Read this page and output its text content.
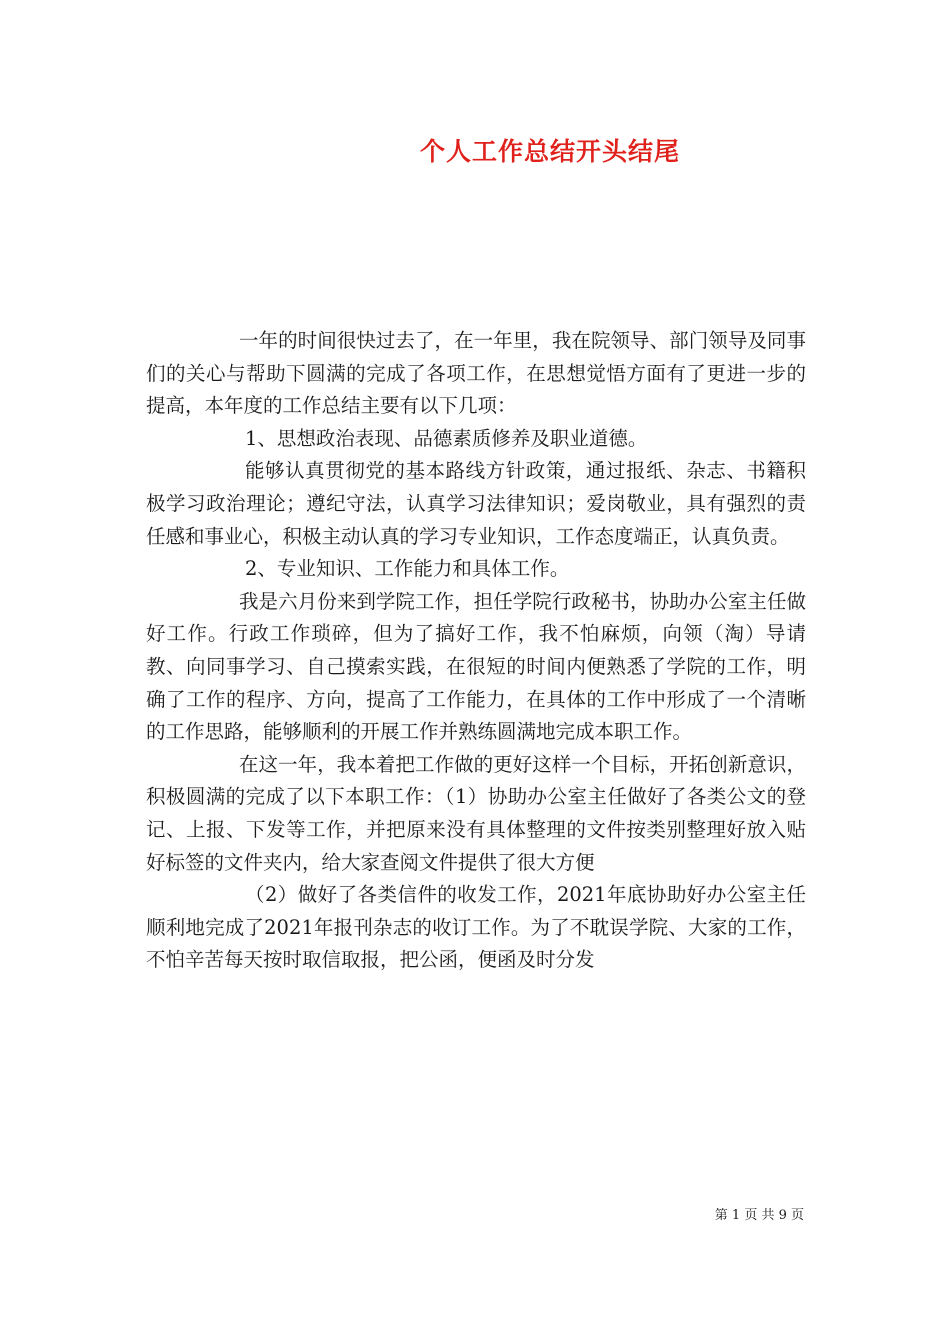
个人工作总结开头结尾

一年的时间很快过去了，在一年里，我在院领导、部门领导及同事们的关心与帮助下圆满的完成了各项工作，在思想觉悟方面有了更进一步的提高，本年度的工作总结主要有以下几项：

1、思想政治表现、品德素质修养及职业道德。

能够认真贯彻党的基本路线方针政策，通过报纸、杂志、书籍积极学习政治理论；遵纪守法，认真学习法律知识；爱岗敬业，具有强烈的责任感和事业心，积极主动认真的学习专业知识，工作态度端正，认真负责。

2、专业知识、工作能力和具体工作。

我是六月份来到学院工作，担任学院行政秘书，协助办公室主任做好工作。行政工作琐碎，但为了搞好工作，我不怕麻烦，向领（淘）导请教、向同事学习、自己摸索实践，在很短的时间内便熟悉了学院的工作，明确了工作的程序、方向，提高了工作能力，在具体的工作中形成了一个清晰的工作思路，能够顺利的开展工作并熟练圆满地完成本职工作。

在这一年，我本着把工作做的更好这样一个目标，开拓创新意识，积极圆满的完成了以下本职工作：（1）协助办公室主任做好了各类公文的登记、上报、下发等工作，并把原来没有具体整理的文件按类别整理好放入贴好标签的文件夹内，给大家查阅文件提供了很大方便

（2）做好了各类信件的收发工作，2021年底协助好办公室主任顺利地完成了2021年报刊杂志的收订工作。为了不耽误学院、大家的工作，不怕辛苦每天按时取信取报，把公函，便函及时分发

第 1 页 共 9 页
